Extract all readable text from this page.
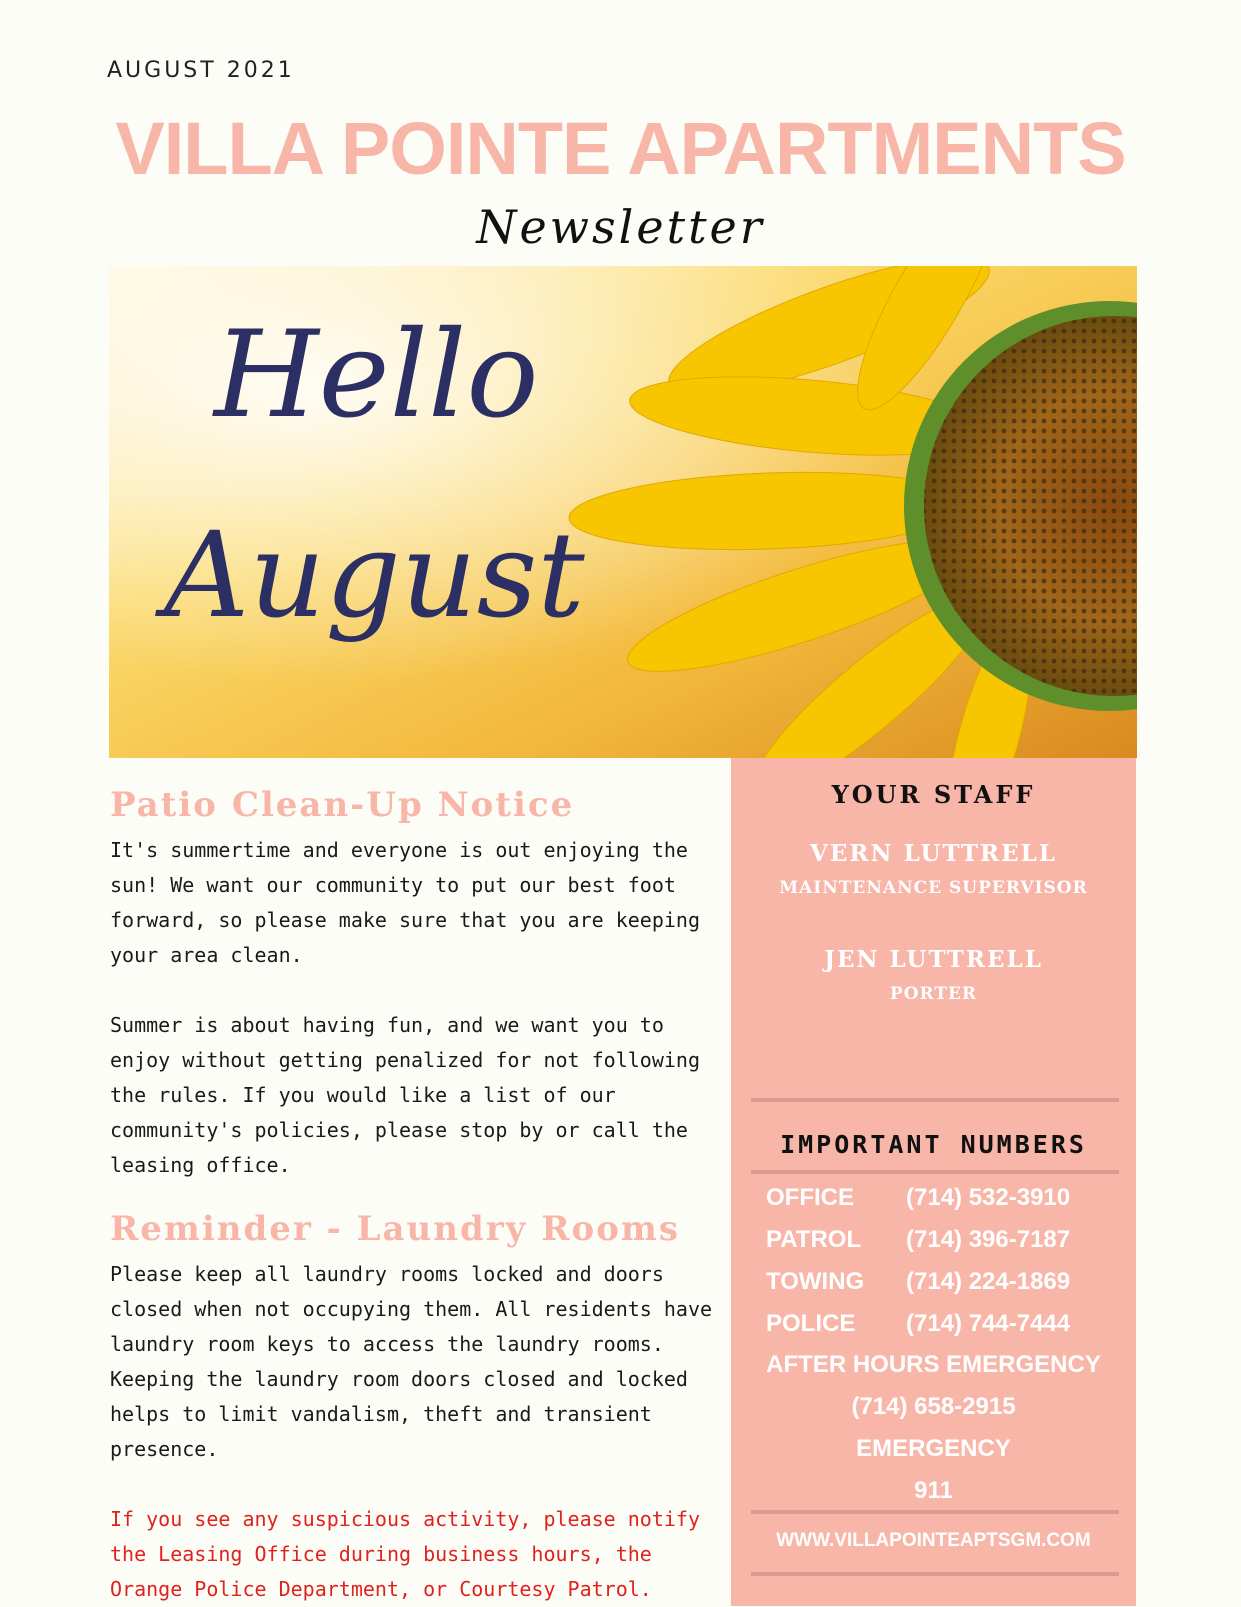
AUGUST 2021
VILLA POINTE APARTMENTS
Newsletter
Hello
August
Patio Clean-Up Notice

It's summertime and everyone is out enjoying the sun! We want our community to put our best foot forward, so please make sure that you are keeping your area clean.

Summer is about having fun, and we want you to enjoy without getting penalized for not following the rules. If you would like a list of our community's policies, please stop by or call the leasing office.

Reminder - Laundry Rooms

Please keep all laundry rooms locked and doors closed when not occupying them. All residents have laundry room keys to access the laundry rooms. Keeping the laundry room doors closed and locked helps to limit vandalism, theft and transient presence.

If you see any suspicious activity, please notify the Leasing Office during business hours, the Orange Police Department, or Courtesy Patrol.

YOUR STAFF
VERN LUTTRELL
MAINTENANCE SUPERVISOR
JEN LUTTRELL
PORTER
IMPORTANT NUMBERS
OFFICE (714) 532-3910
PATROL (714) 396-7187
TOWING (714) 224-1869
POLICE (714) 744-7444
AFTER HOURS EMERGENCY
(714) 658-2915
EMERGENCY
911
WWW.VILLAPOINTEAPTSGM.COM
